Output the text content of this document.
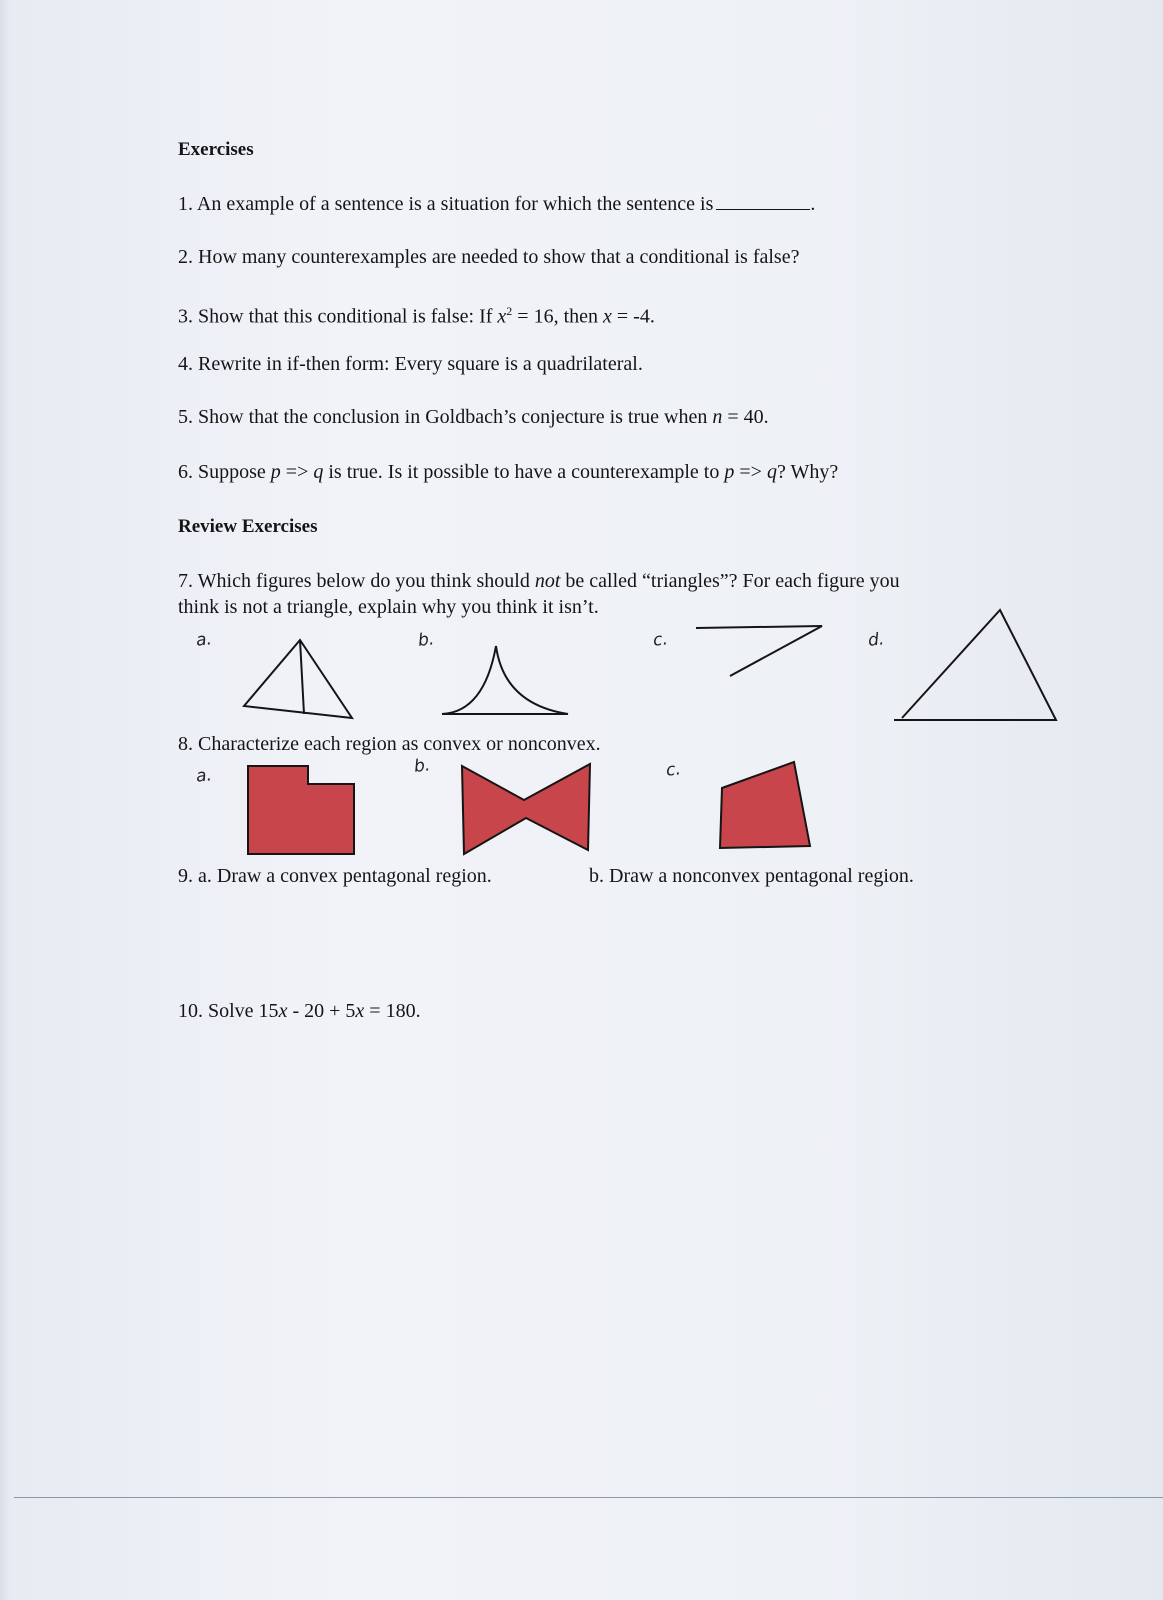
Exercises

1. An example of a sentence is a situation for which the sentence is	.

2. How many counterexamples are needed to show that a conditional is false?

3. Show that this conditional is false: If $x^2 = 16$, then x = -4.

4. Rewrite in if-then form: Every square is a quadrilateral.

5. Show that the conclusion in Goldbach’s conjecture is true when n = 40.

6. Suppose p => q is true. Is it possible to have a counterexample to p => q? Why?

Review Exercises

7. Which figures below do you think should not be called “triangles”? For each figure you

think is not a triangle, explain why you think it isn’t.

a.	b.	c.	d.

8. Characterize each region as convex or nonconvex.

a.	b.	c.

9. a. Draw a convex pentagonal region.	b. Draw a nonconvex pentagonal region.

10. Solve 15x - 20 + 5x = 180.
